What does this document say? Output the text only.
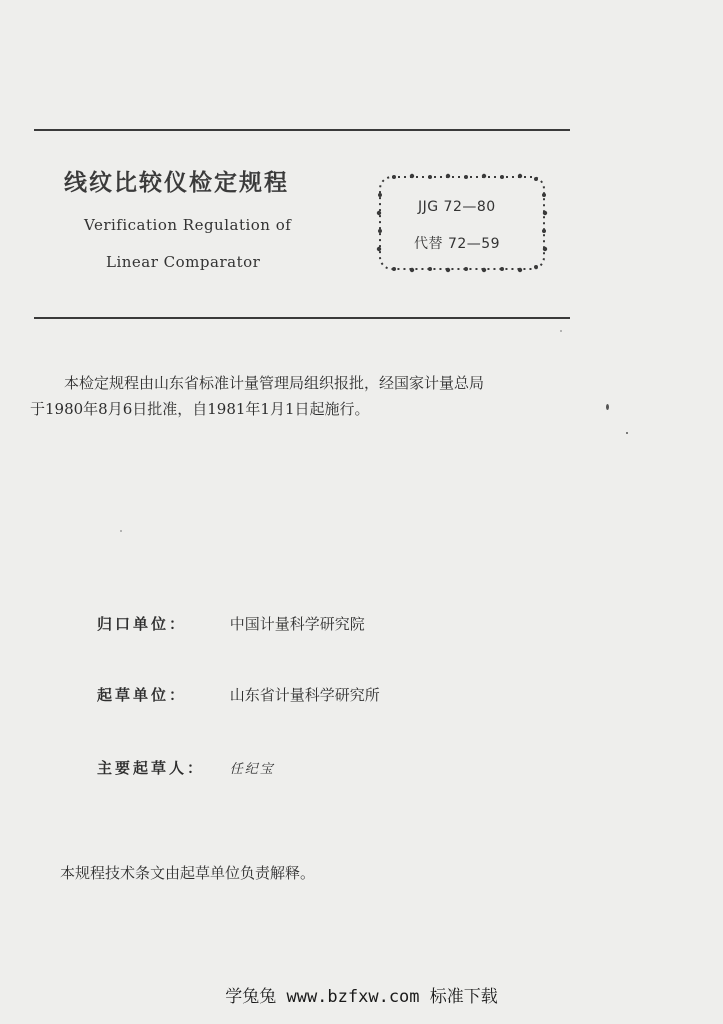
线纹比较仪检定规程
Verification Regulation of
Linear Comparator
JJG 72—80
代替 72—59
本检定规程由山东省标准计量管理局组织报批，经国家计量总局
于1980年8月6日批准，自1981年1月1日起施行。
归口单位：	中国计量科学研究院
起草单位：	山东省计量科学研究所
主要起草人： 任纪宝
本规程技术条文由起草单位负责解释。
学兔兔 www.bzfxw.com 标准下载
